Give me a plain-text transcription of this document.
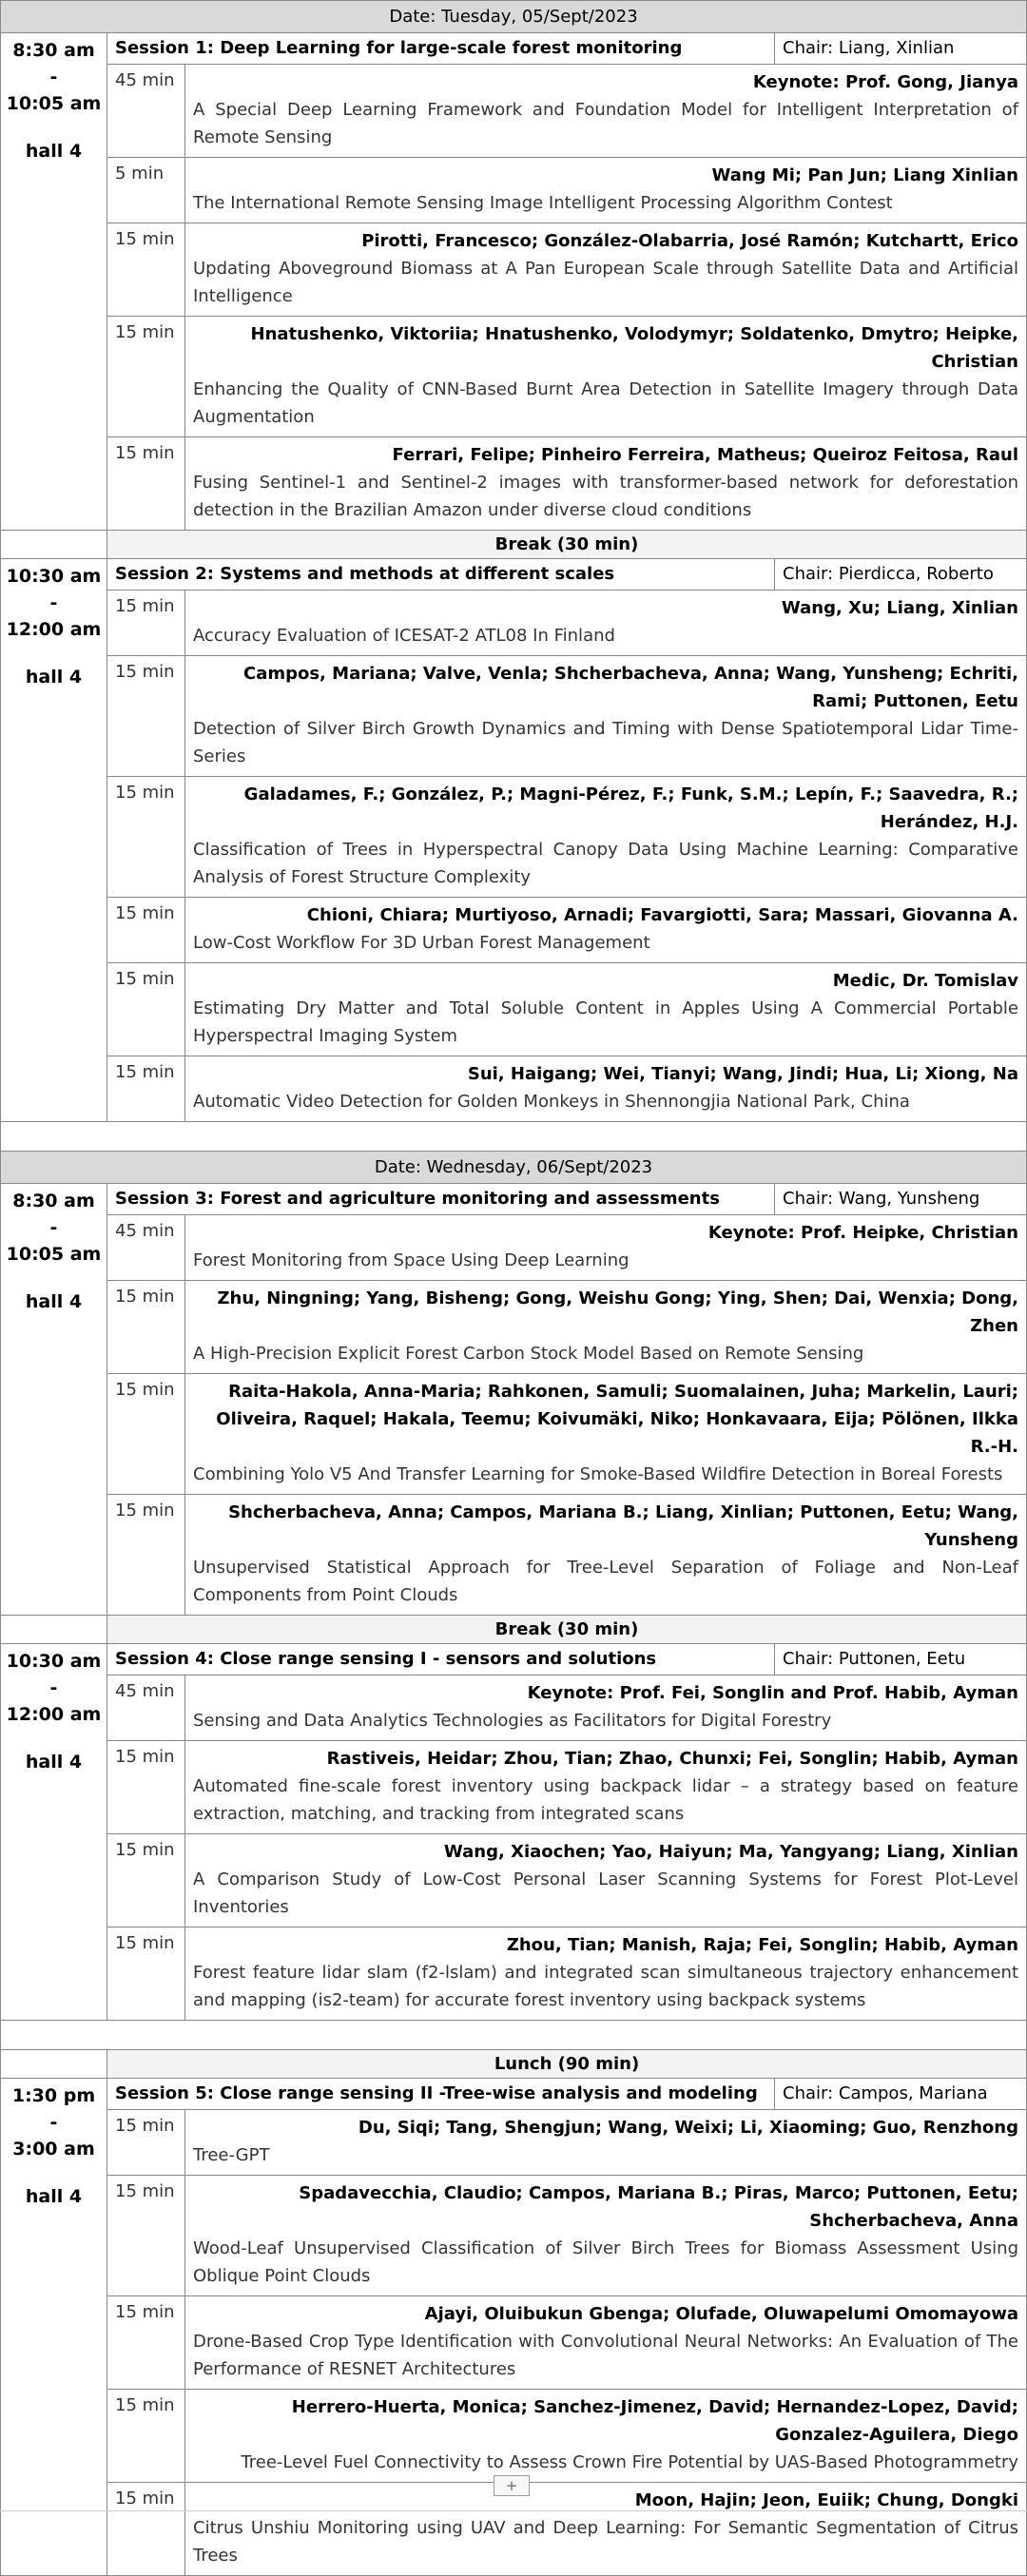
Date: Tuesday, 05/Sept/2023			

8:30 am
-
10:05 am
hall 4	Session 1: Deep Learning for large-scale forest monitoring		Chair: Liang, Xinlian
	45 min	Keynote: Prof. Gong, Jianya
A Special Deep Learning Framework and Foundation Model for Intelligent Interpretation of Remote Sensing	

	5 min	Wang Mi; Pan Jun; Liang Xinlian
The International Remote Sensing Image Intelligent Processing Algorithm Contest	

	15 min	Pirotti, Francesco; González-Olabarria, José Ramón; Kutchartt, Erico
Updating Aboveground Biomass at A Pan European Scale through Satellite Data and Artificial Intelligence	

	15 min	Hnatushenko, Viktoriia; Hnatushenko, Volodymyr; Soldatenko, Dmytro; Heipke, Christian
Enhancing the Quality of CNN-Based Burnt Area Detection in Satellite Imagery through Data Augmentation	

	15 min	Ferrari, Felipe; Pinheiro Ferreira, Matheus; Queiroz Feitosa, Raul
Fusing Sentinel-1 and Sentinel-2 images with transformer-based network for deforestation detection in the Brazilian Amazon under diverse cloud conditions	

	Break (30 min)		

10:30 am
-
12:00 am
hall 4	Session 2: Systems and methods at different scales		Chair: Pierdicca, Roberto
	15 min	Wang, Xu; Liang, Xinlian
Accuracy Evaluation of ICESAT-2 ATL08 In Finland	

	15 min	Campos, Mariana; Valve, Venla; Shcherbacheva, Anna; Wang, Yunsheng; Echriti, Rami; Puttonen, Eetu
Detection of Silver Birch Growth Dynamics and Timing with Dense Spatiotemporal Lidar Time-Series	

	15 min	Galadames, F.; González, P.; Magni-Pérez, F.; Funk, S.M.; Lepín, F.; Saavedra, R.; Herández, H.J.
Classification of Trees in Hyperspectral Canopy Data Using Machine Learning: Comparative Analysis of Forest Structure Complexity	

	15 min	Chioni, Chiara; Murtiyoso, Arnadi; Favargiotti, Sara; Massari, Giovanna A.
Low-Cost Workflow For 3D Urban Forest Management	

	15 min	Medic, Dr. Tomislav
Estimating Dry Matter and Total Soluble Content in Apples Using A Commercial Portable Hyperspectral Imaging System	

	15 min	Sui, Haigang; Wei, Tianyi; Wang, Jindi; Hua, Li; Xiong, Na
Automatic Video Detection for Golden Monkeys in Shennongjia National Park, China	

Date: Wednesday, 06/Sept/2023			

8:30 am
-
10:05 am
hall 4	Session 3: Forest and agriculture monitoring and assessments		Chair: Wang, Yunsheng
	45 min	Keynote: Prof. Heipke, Christian
Forest Monitoring from Space Using Deep Learning	

	15 min	Zhu, Ningning; Yang, Bisheng; Gong, Weishu Gong; Ying, Shen; Dai, Wenxia; Dong, Zhen
A High-Precision Explicit Forest Carbon Stock Model Based on Remote Sensing	

	15 min	Raita-Hakola, Anna-Maria; Rahkonen, Samuli; Suomalainen, Juha; Markelin, Lauri; Oliveira, Raquel; Hakala, Teemu; Koivumäki, Niko; Honkavaara, Eija; Pölönen, Ilkka R.-H.
Combining Yolo V5 And Transfer Learning for Smoke-Based Wildfire Detection in Boreal Forests	

	15 min	Shcherbacheva, Anna; Campos, Mariana B.; Liang, Xinlian; Puttonen, Eetu; Wang, Yunsheng
Unsupervised Statistical Approach for Tree-Level Separation of Foliage and Non-Leaf Components from Point Clouds	

	Break (30 min)		

10:30 am
-
12:00 am
hall 4	Session 4: Close range sensing I - sensors and solutions		Chair: Puttonen, Eetu
	45 min	Keynote: Prof. Fei, Songlin and Prof. Habib, Ayman
Sensing and Data Analytics Technologies as Facilitators for Digital Forestry	

	15 min	Rastiveis, Heidar; Zhou, Tian; Zhao, Chunxi; Fei, Songlin; Habib, Ayman
Automated fine-scale forest inventory using backpack lidar – a strategy based on feature extraction, matching, and tracking from integrated scans	

	15 min	Wang, Xiaochen; Yao, Haiyun; Ma, Yangyang; Liang, Xinlian
A Comparison Study of Low-Cost Personal Laser Scanning Systems for Forest Plot-Level Inventories	

	15 min	Zhou, Tian; Manish, Raja; Fei, Songlin; Habib, Ayman
Forest feature lidar slam (f2-lslam) and integrated scan simultaneous trajectory enhancement and mapping (is2-team) for accurate forest inventory using backpack systems	

	Lunch (90 min)		

1:30 pm
-
3:00 am
hall 4	Session 5: Close range sensing II -Tree-wise analysis and modeling		Chair: Campos, Mariana
	15 min	Du, Siqi; Tang, Shengjun; Wang, Weixi; Li, Xiaoming; Guo, Renzhong
Tree-GPT	

	15 min	Spadavecchia, Claudio; Campos, Mariana B.; Piras, Marco; Puttonen, Eetu; Shcherbacheva, Anna
Wood-Leaf Unsupervised Classification of Silver Birch Trees for Biomass Assessment Using Oblique Point Clouds	

	15 min	Ajayi, Oluibukun Gbenga; Olufade, Oluwapelumi Omomayowa
Drone-Based Crop Type Identification with Convolutional Neural Networks: An Evaluation of The Performance of RESNET Architectures	

	15 min	Herrero-Huerta, Monica; Sanchez-Jimenez, David; Hernandez-Lopez, David; Gonzalez-Aguilera, Diego
Tree-Level Fuel Connectivity to Assess Crown Fire Potential by UAS-Based Photogrammetry	

	15 min	Moon, Hajin; Jeon, Euiik; Chung, Dongki
Citrus Unshiu Monitoring using UAV and Deep Learning: For Semantic Segmentation of Citrus Trees	
+
